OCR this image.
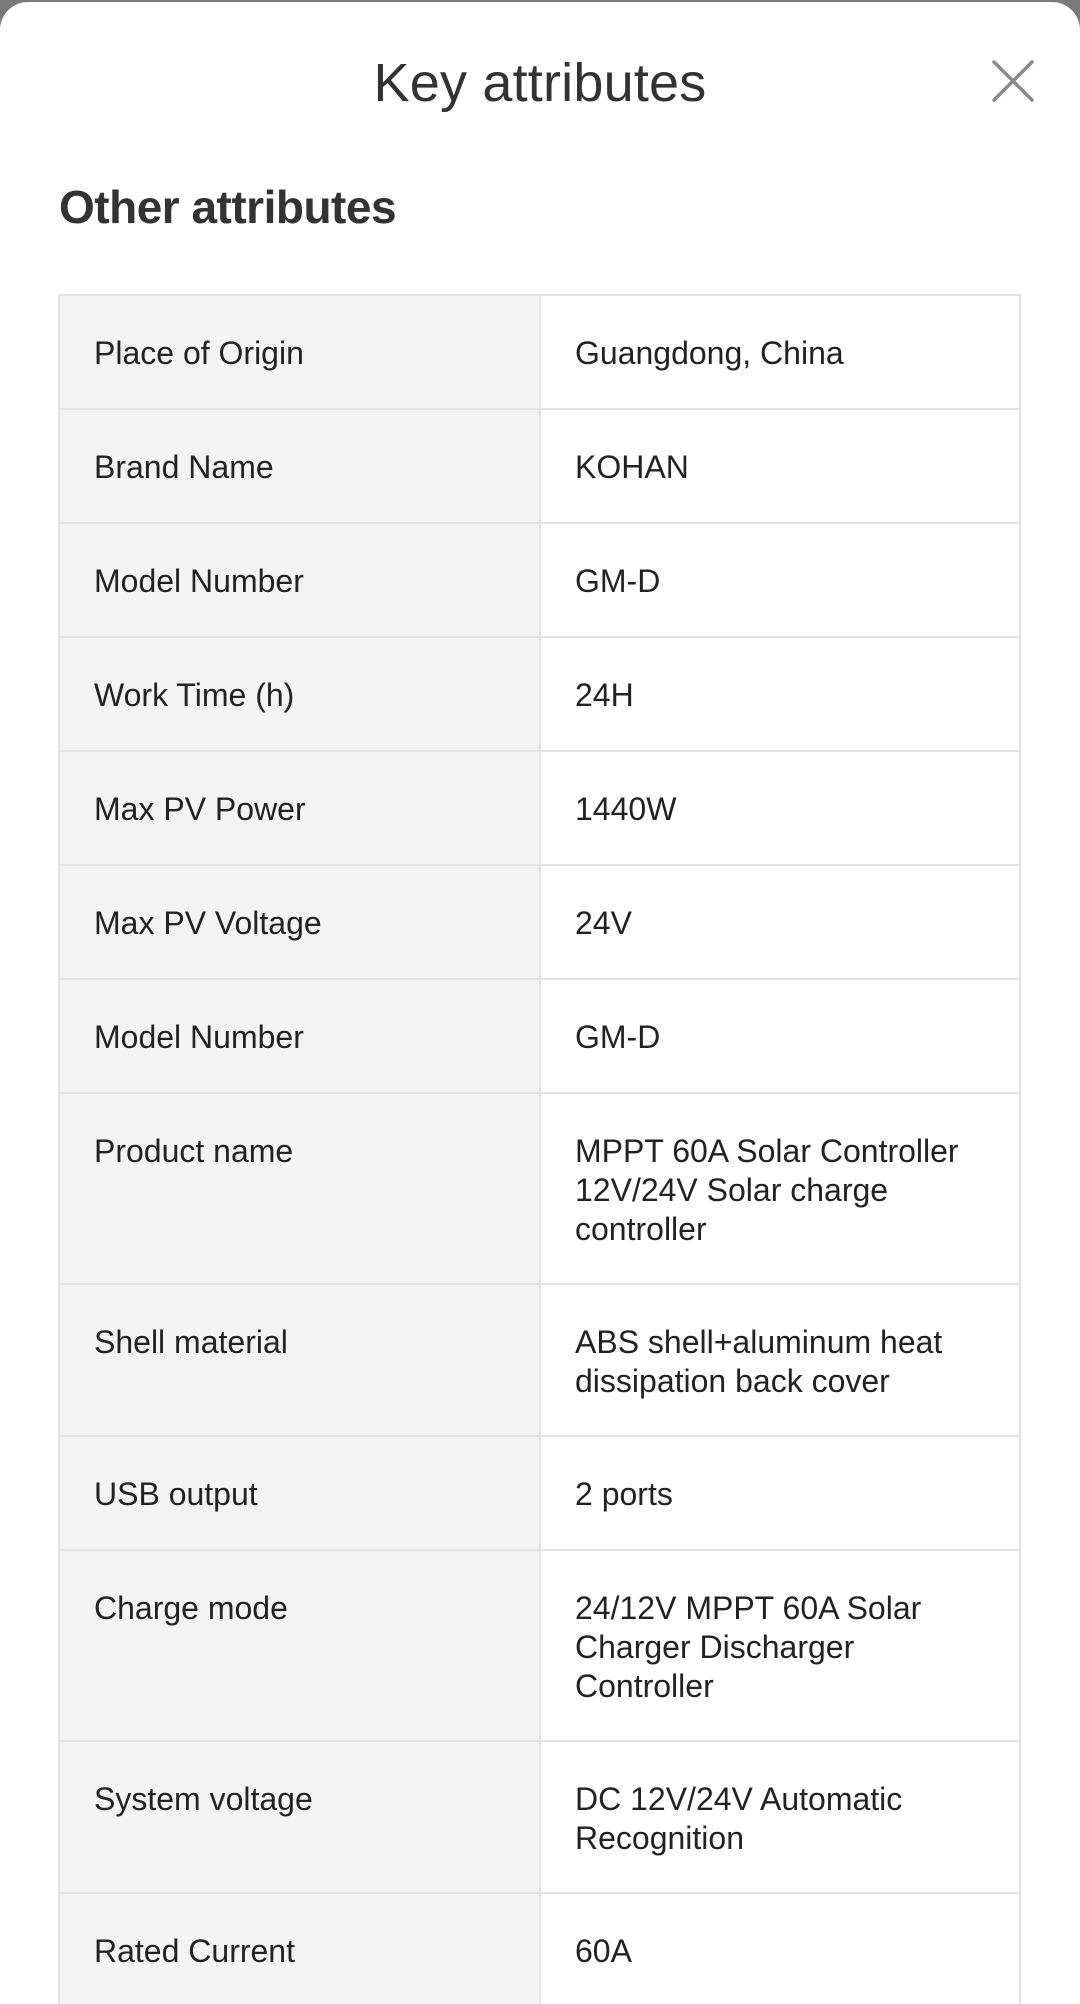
Key attributes
Other attributes
Place of Origin	Guangdong, China
Brand Name	KOHAN
Model Number	GM-D
Work Time (h)	24H
Max PV Power	1440W
Max PV Voltage	24V
Model Number	GM-D
Product name	MPPT 60A Solar Controller 12V/24V Solar charge controller
Shell material	ABS shell+aluminum heat dissipation back cover
USB output	2 ports
Charge mode	24/12V MPPT 60A Solar Charger Discharger Controller
System voltage	DC 12V/24V Automatic Recognition
Rated Current	60A
